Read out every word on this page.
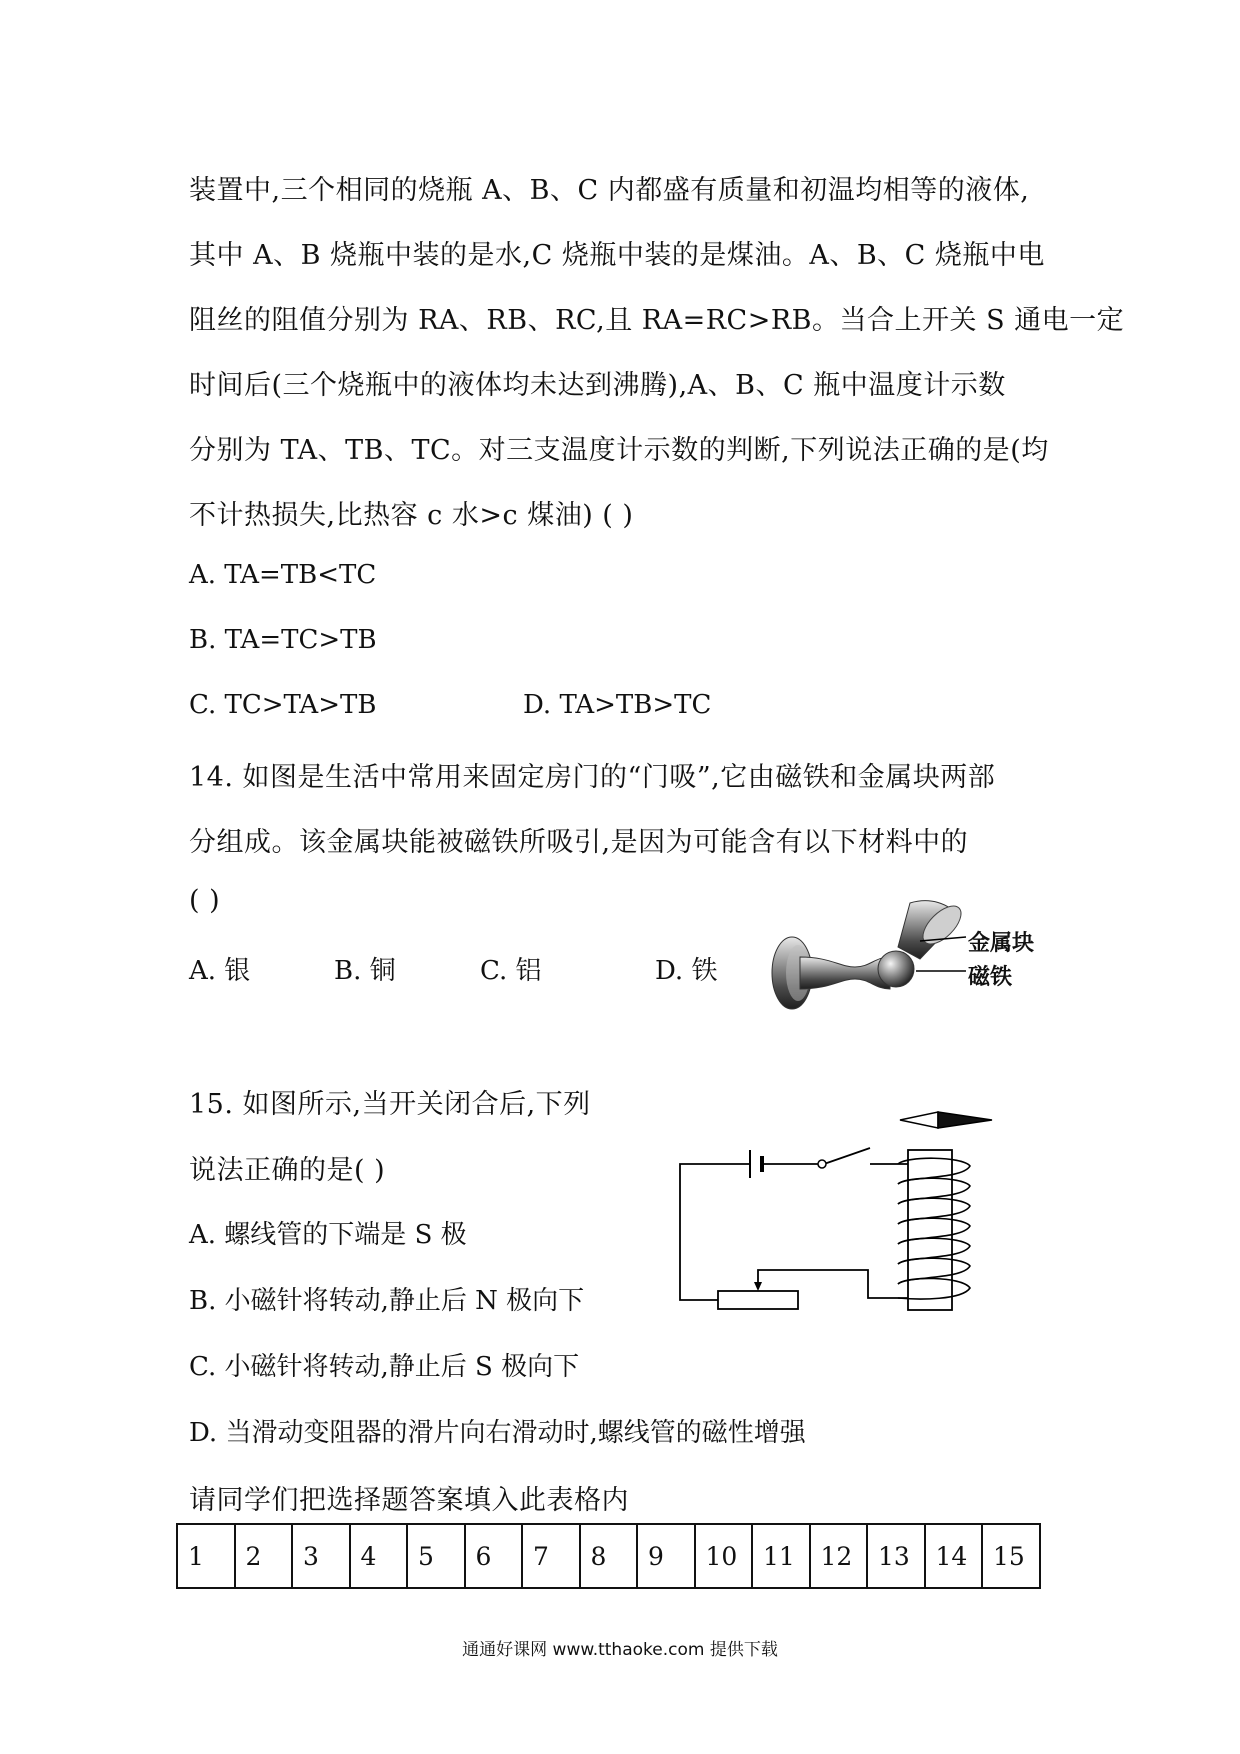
装置中,三个相同的烧瓶 A、B、C 内都盛有质量和初温均相等的液体,
其中 A、B 烧瓶中装的是水,C 烧瓶中装的是煤油。A、B、C 烧瓶中电
阻丝的阻值分别为 RA、RB、RC,且 RA=RC>RB。当合上开关 S 通电一定
时间后(三个烧瓶中的液体均未达到沸腾),A、B、C 瓶中温度计示数
分别为 TA、TB、TC。对三支温度计示数的判断,下列说法正确的是(均
不计热损失,比热容 c 水>c 煤油) ( )
A. TA=TB<TC
B. TA=TC>TB
C. TC>TA>TB	D. TA>TB>TC
14. 如图是生活中常用来固定房门的“门吸”,它由磁铁和金属块两部
分组成。该金属块能被磁铁所吸引,是因为可能含有以下材料中的
( )
A. 银	B. 铜	C. 铝	D. 铁
金属块
磁铁
15. 如图所示,当开关闭合后,下列
说法正确的是( )
A. 螺线管的下端是 S 极
B. 小磁针将转动,静止后 N 极向下
C. 小磁针将转动,静止后 S 极向下
D. 当滑动变阻器的滑片向右滑动时,螺线管的磁性增强
请同学们把选择题答案填入此表格内
1	2	3	4	5	6	7	8	9	10	11	12	13	14	15
通通好课网 www.tthaoke.com 提供下载
